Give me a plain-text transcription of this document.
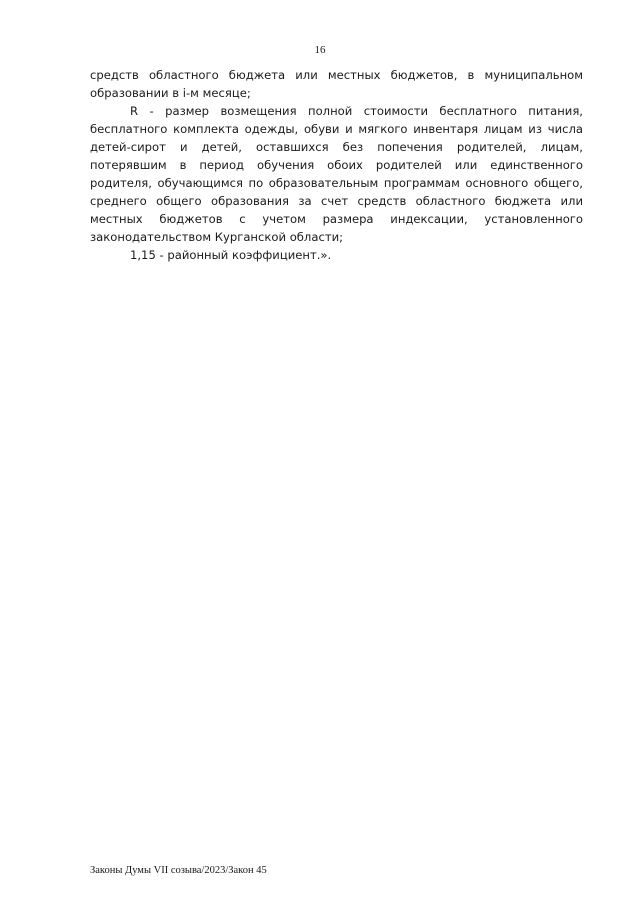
16

средств областного бюджета или местных бюджетов, в муниципальном образовании в i-м месяце;

R - размер возмещения полной стоимости бесплатного питания, бесплатного комплекта одежды, обуви и мягкого инвентаря лицам из числа детей-сирот и детей, оставшихся без попечения родителей, лицам, потерявшим в период обучения обоих родителей или единственного родителя, обучающимся по образовательным программам основного общего, среднего общего образования за счет средств областного бюджета или местных бюджетов с учетом размера индексации, установленного законодательством Курганской области;

1,15 - районный коэффициент.».

Законы Думы VII созыва/2023/Закон 45
